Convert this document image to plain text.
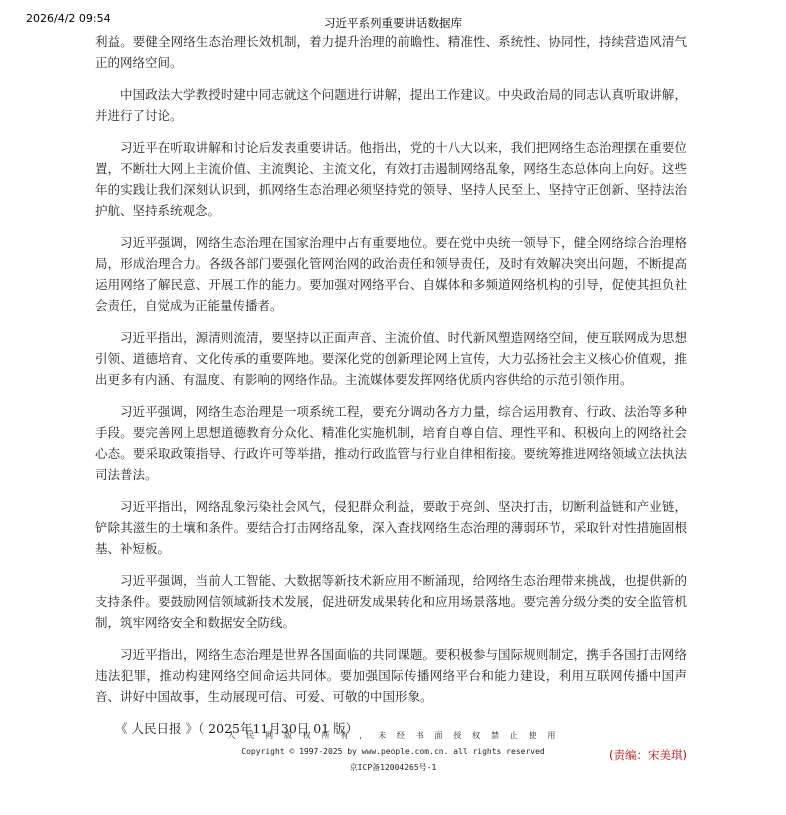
2026/4/2 09:54	习近平系列重要讲话数据库

利益。要健全网络生态治理长效机制，着力提升治理的前瞻性、精准性、系统性、协同性，持续营造风清气正的网络空间。

中国政法大学教授时建中同志就这个问题进行讲解，提出工作建议。中央政治局的同志认真听取讲解，并进行了讨论。

习近平在听取讲解和讨论后发表重要讲话。他指出，党的十八大以来，我们把网络生态治理摆在重要位置，不断壮大网上主流价值、主流舆论、主流文化，有效打击遏制网络乱象，网络生态总体向上向好。这些年的实践让我们深刻认识到，抓网络生态治理必须坚持党的领导、坚持人民至上、坚持守正创新、坚持法治护航、坚持系统观念。

习近平强调，网络生态治理在国家治理中占有重要地位。要在党中央统一领导下，健全网络综合治理格局，形成治理合力。各级各部门要强化管网治网的政治责任和领导责任，及时有效解决突出问题，不断提高运用网络了解民意、开展工作的能力。要加强对网络平台、自媒体和多频道网络机构的引导，促使其担负社会责任，自觉成为正能量传播者。

习近平指出，源清则流清，要坚持以正面声音、主流价值、时代新风塑造网络空间，使互联网成为思想引领、道德培育、文化传承的重要阵地。要深化党的创新理论网上宣传，大力弘扬社会主义核心价值观，推出更多有内涵、有温度、有影响的网络作品。主流媒体要发挥网络优质内容供给的示范引领作用。

习近平强调，网络生态治理是一项系统工程，要充分调动各方力量，综合运用教育、行政、法治等多种手段。要完善网上思想道德教育分众化、精准化实施机制，培育自尊自信、理性平和、积极向上的网络社会心态。要采取政策指导、行政许可等举措，推动行政监管与行业自律相衔接。要统筹推进网络领域立法执法司法普法。

习近平指出，网络乱象污染社会风气，侵犯群众利益，要敢于亮剑、坚决打击，切断利益链和产业链，铲除其滋生的土壤和条件。要结合打击网络乱象，深入查找网络生态治理的薄弱环节，采取针对性措施固根基、补短板。

习近平强调，当前人工智能、大数据等新技术新应用不断涌现，给网络生态治理带来挑战，也提供新的支持条件。要鼓励网信领域新技术发展，促进研发成果转化和应用场景落地。要完善分级分类的安全监管机制，筑牢网络安全和数据安全防线。

习近平指出，网络生态治理是世界各国面临的共同课题。要积极参与国际规则制定，携手各国打击网络违法犯罪，推动构建网络空间命运共同体。要加强国际传播网络平台和能力建设，利用互联网传播中国声音、讲好中国故事，生动展现可信、可爱、可敬的中国形象。

《 人民日报 》（ 2025年11月30日 01 版）
(责编：宋美琪)
人 民 网 版 权 所 有 ， 未 经 书 面 授 权 禁 止 使 用
Copyright © 1997-2025 by www.people.com.cn. all rights reserved
京ICP备12004265号-1
